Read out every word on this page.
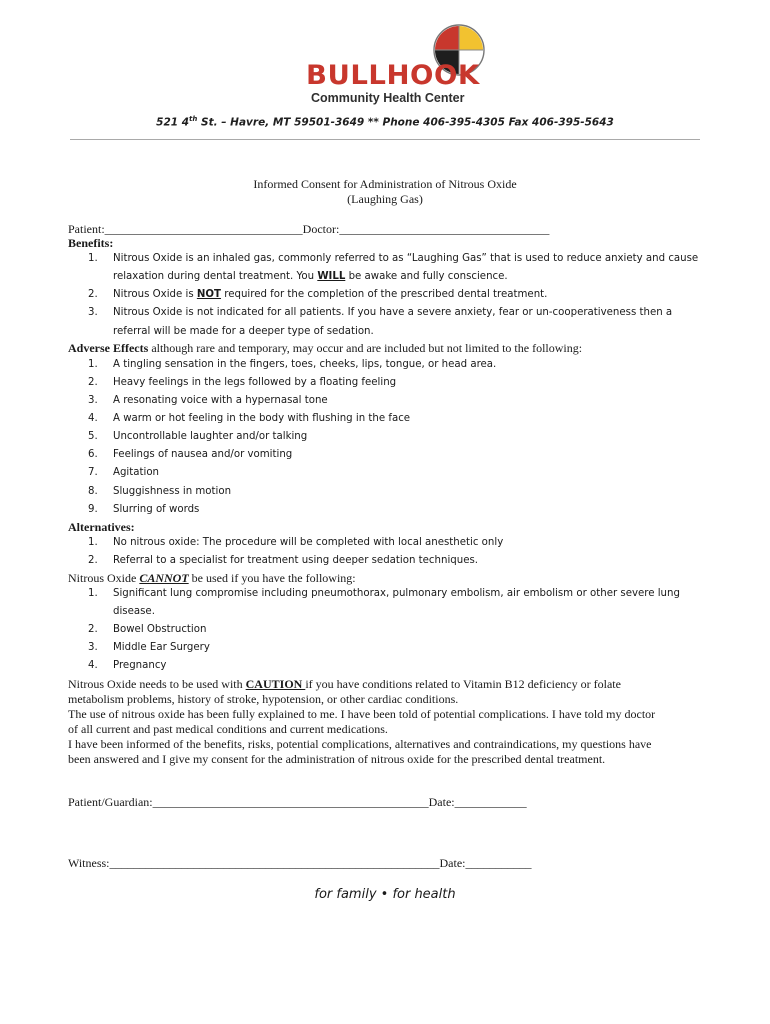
BULLHOOK
Community Health Center
521 4th St. – Havre, MT 59501-3649 ** Phone 406-395-4305 Fax 406-395-5643
Informed Consent for Administration of Nitrous Oxide
(Laughing Gas)
Patient:_________________________________Doctor:___________________________________
Benefits:
1. Nitrous Oxide is an inhaled gas, commonly referred to as “Laughing Gas” that is used to reduce anxiety and cause
relaxation during dental treatment. You WILL be awake and fully conscience.
2. Nitrous Oxide is NOT required for the completion of the prescribed dental treatment.
3. Nitrous Oxide is not indicated for all patients. If you have a severe anxiety, fear or un-cooperativeness then a
referral will be made for a deeper type of sedation.
Adverse Effects although rare and temporary, may occur and are included but not limited to the following:
1. A tingling sensation in the fingers, toes, cheeks, lips, tongue, or head area.
2. Heavy feelings in the legs followed by a floating feeling
3. A resonating voice with a hypernasal tone
4. A warm or hot feeling in the body with flushing in the face
5. Uncontrollable laughter and/or talking
6. Feelings of nausea and/or vomiting
7. Agitation
8. Sluggishness in motion
9. Slurring of words
Alternatives:
1. No nitrous oxide: The procedure will be completed with local anesthetic only
2. Referral to a specialist for treatment using deeper sedation techniques.
Nitrous Oxide CANNOT be used if you have the following:
1. Significant lung compromise including pneumothorax, pulmonary embolism, air embolism or other severe lung
disease.
2. Bowel Obstruction
3. Middle Ear Surgery
4. Pregnancy
Nitrous Oxide needs to be used with CAUTION if you have conditions related to Vitamin B12 deficiency or folate
metabolism problems, history of stroke, hypotension, or other cardiac conditions.
The use of nitrous oxide has been fully explained to me. I have been told of potential complications. I have told my doctor
of all current and past medical conditions and current medications.
I have been informed of the benefits, risks, potential complications, alternatives and contraindications, my questions have
been answered and I give my consent for the administration of nitrous oxide for the prescribed dental treatment.
Patient/Guardian:______________________________________________Date:____________
Witness:_______________________________________________________Date:___________
for family • for health
